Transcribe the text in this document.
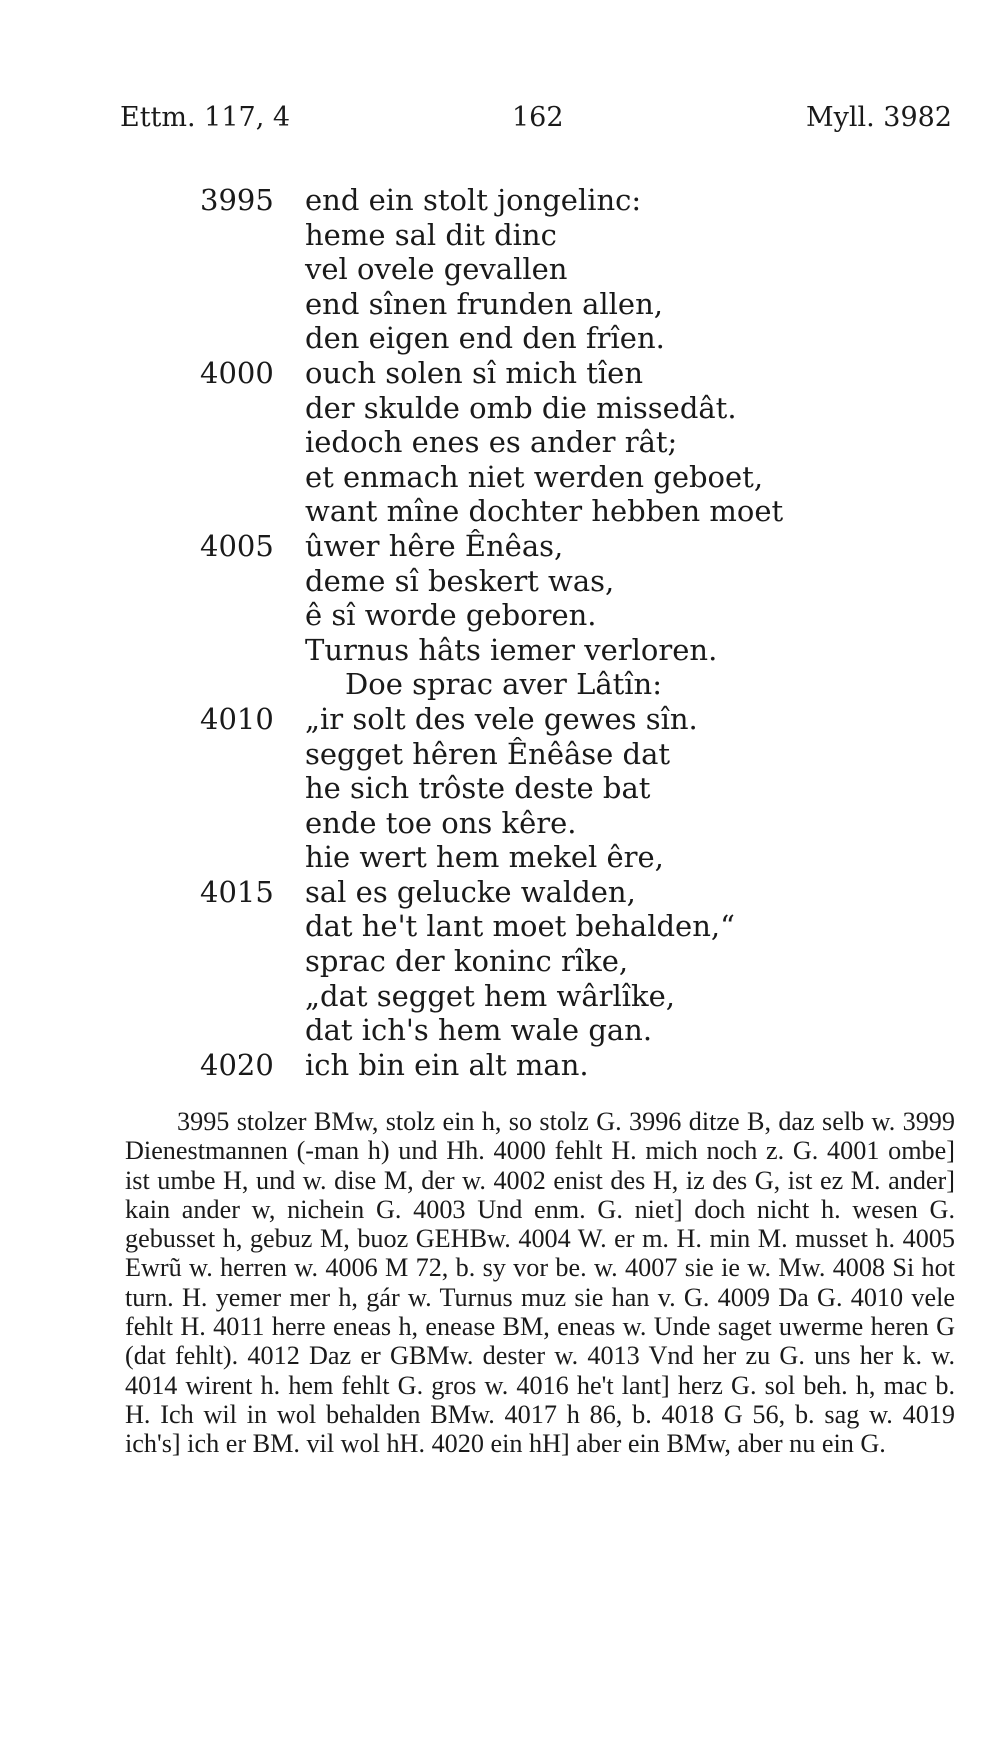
Ettm. 117, 4	162	Myll. 3982
3995 end ein stolt jongelinc:
heme sal dit dinc
vel ovele gevallen
end sînen frunden allen,
den eigen end den frîen.
4000 ouch solen sî mich tîen
der skulde omb die missedât.
iedoch enes es ander rât;
et enmach niet werden geboet,
want mîne dochter hebben moet
4005 ûwer hêre Ênêas,
deme sî beskert was,
ê sî worde geboren.
Turnus hâts iemer verloren.
Doe sprac aver Lâtîn:
4010 „ir solt des vele gewes sîn.
segget hêren Ênêâse dat
he sich trôste deste bat
ende toe ons kêre.
hie wert hem mekel êre,
4015 sal es gelucke walden,
dat he't lant moet behalden,“
sprac der koninc rîke,
„dat segget hem wârlîke,
dat ich's hem wale gan.
4020 ich bin ein alt man.
3995 stolzer BMw, stolz ein h, so stolz G. 3996 ditze B, daz selb w. 3999 Dienestmannen (-man h) und Hh. 4000 fehlt H. mich noch z. G. 4001 ombe] ist umbe H, und w. dise M, der w. 4002 enist des H, iz des G, ist ez M. ander] kain ander w, nichein G. 4003 Und enm. G. niet] doch nicht h. wesen G. gebusset h, gebuz M, buoz GEHBw. 4004 W. er m. H. min M. musset h. 4005 Ewrũ w. herren w. 4006 M 72, b. sy vor be. w. 4007 sie ie w. Mw. 4008 Si hot turn. H. yemer mer h, gár w. Turnus muz sie han v. G. 4009 Da G. 4010 vele fehlt H. 4011 herre eneas h, enease BM, eneas w. Unde saget uwerme heren G (dat fehlt). 4012 Daz er GBMw. dester w. 4013 Vnd her zu G. uns her k. w. 4014 wirent h. hem fehlt G. gros w. 4016 he't lant] herz G. sol beh. h, mac b. H. Ich wil in wol behalden BMw. 4017 h 86, b. 4018 G 56, b. sag w. 4019 ich's] ich er BM. vil wol hH. 4020 ein hH] aber ein BMw, aber nu ein G.
